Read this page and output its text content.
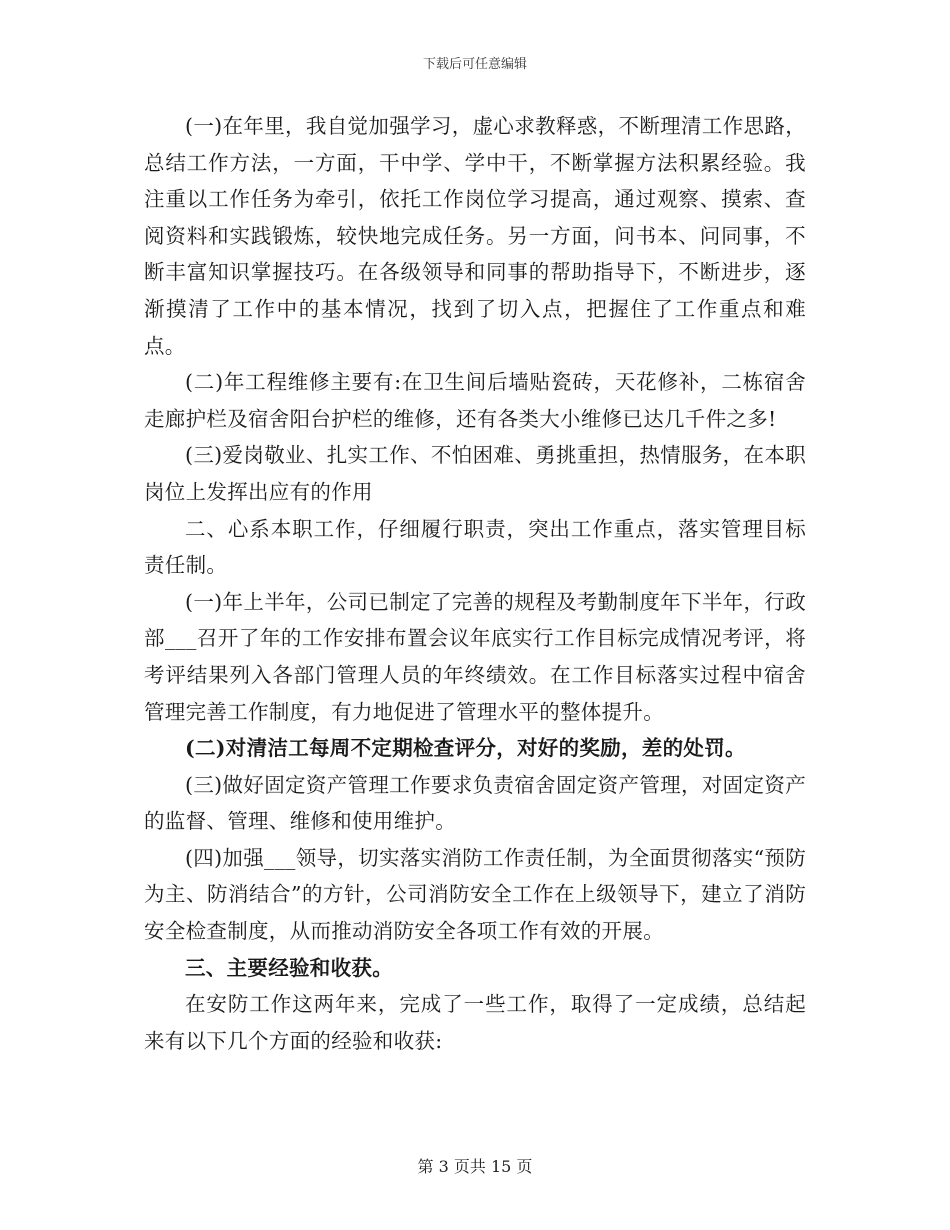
下载后可任意编辑

(一)在年里，我自觉加强学习，虚心求教释惑，不断理清工作思路，总结工作方法，一方面，干中学、学中干，不断掌握方法积累经验。我注重以工作任务为牵引，依托工作岗位学习提高，通过观察、摸索、查阅资料和实践锻炼，较快地完成任务。另一方面，问书本、问同事，不断丰富知识掌握技巧。在各级领导和同事的帮助指导下，不断进步，逐渐摸清了工作中的基本情况，找到了切入点，把握住了工作重点和难点。

(二)年工程维修主要有:在卫生间后墙贴瓷砖，天花修补，二栋宿舍走廊护栏及宿舍阳台护栏的维修，还有各类大小维修已达几千件之多!

(三)爱岗敬业、扎实工作、不怕困难、勇挑重担，热情服务，在本职岗位上发挥出应有的作用

二、心系本职工作，仔细履行职责，突出工作重点，落实管理目标责任制。

(一)年上半年，公司已制定了完善的规程及考勤制度年下半年，行政部___召开了年的工作安排布置会议年底实行工作目标完成情况考评，将考评结果列入各部门管理人员的年终绩效。在工作目标落实过程中宿舍管理完善工作制度，有力地促进了管理水平的整体提升。

(二)对清洁工每周不定期检查评分，对好的奖励，差的处罚。

(三)做好固定资产管理工作要求负责宿舍固定资产管理，对固定资产的监督、管理、维修和使用维护。

(四)加强___领导，切实落实消防工作责任制，为全面贯彻落实“预防为主、防消结合”的方针，公司消防安全工作在上级领导下，建立了消防安全检查制度，从而推动消防安全各项工作有效的开展。

三、主要经验和收获。

在安防工作这两年来，完成了一些工作，取得了一定成绩，总结起来有以下几个方面的经验和收获:

第 3 页共 15 页
